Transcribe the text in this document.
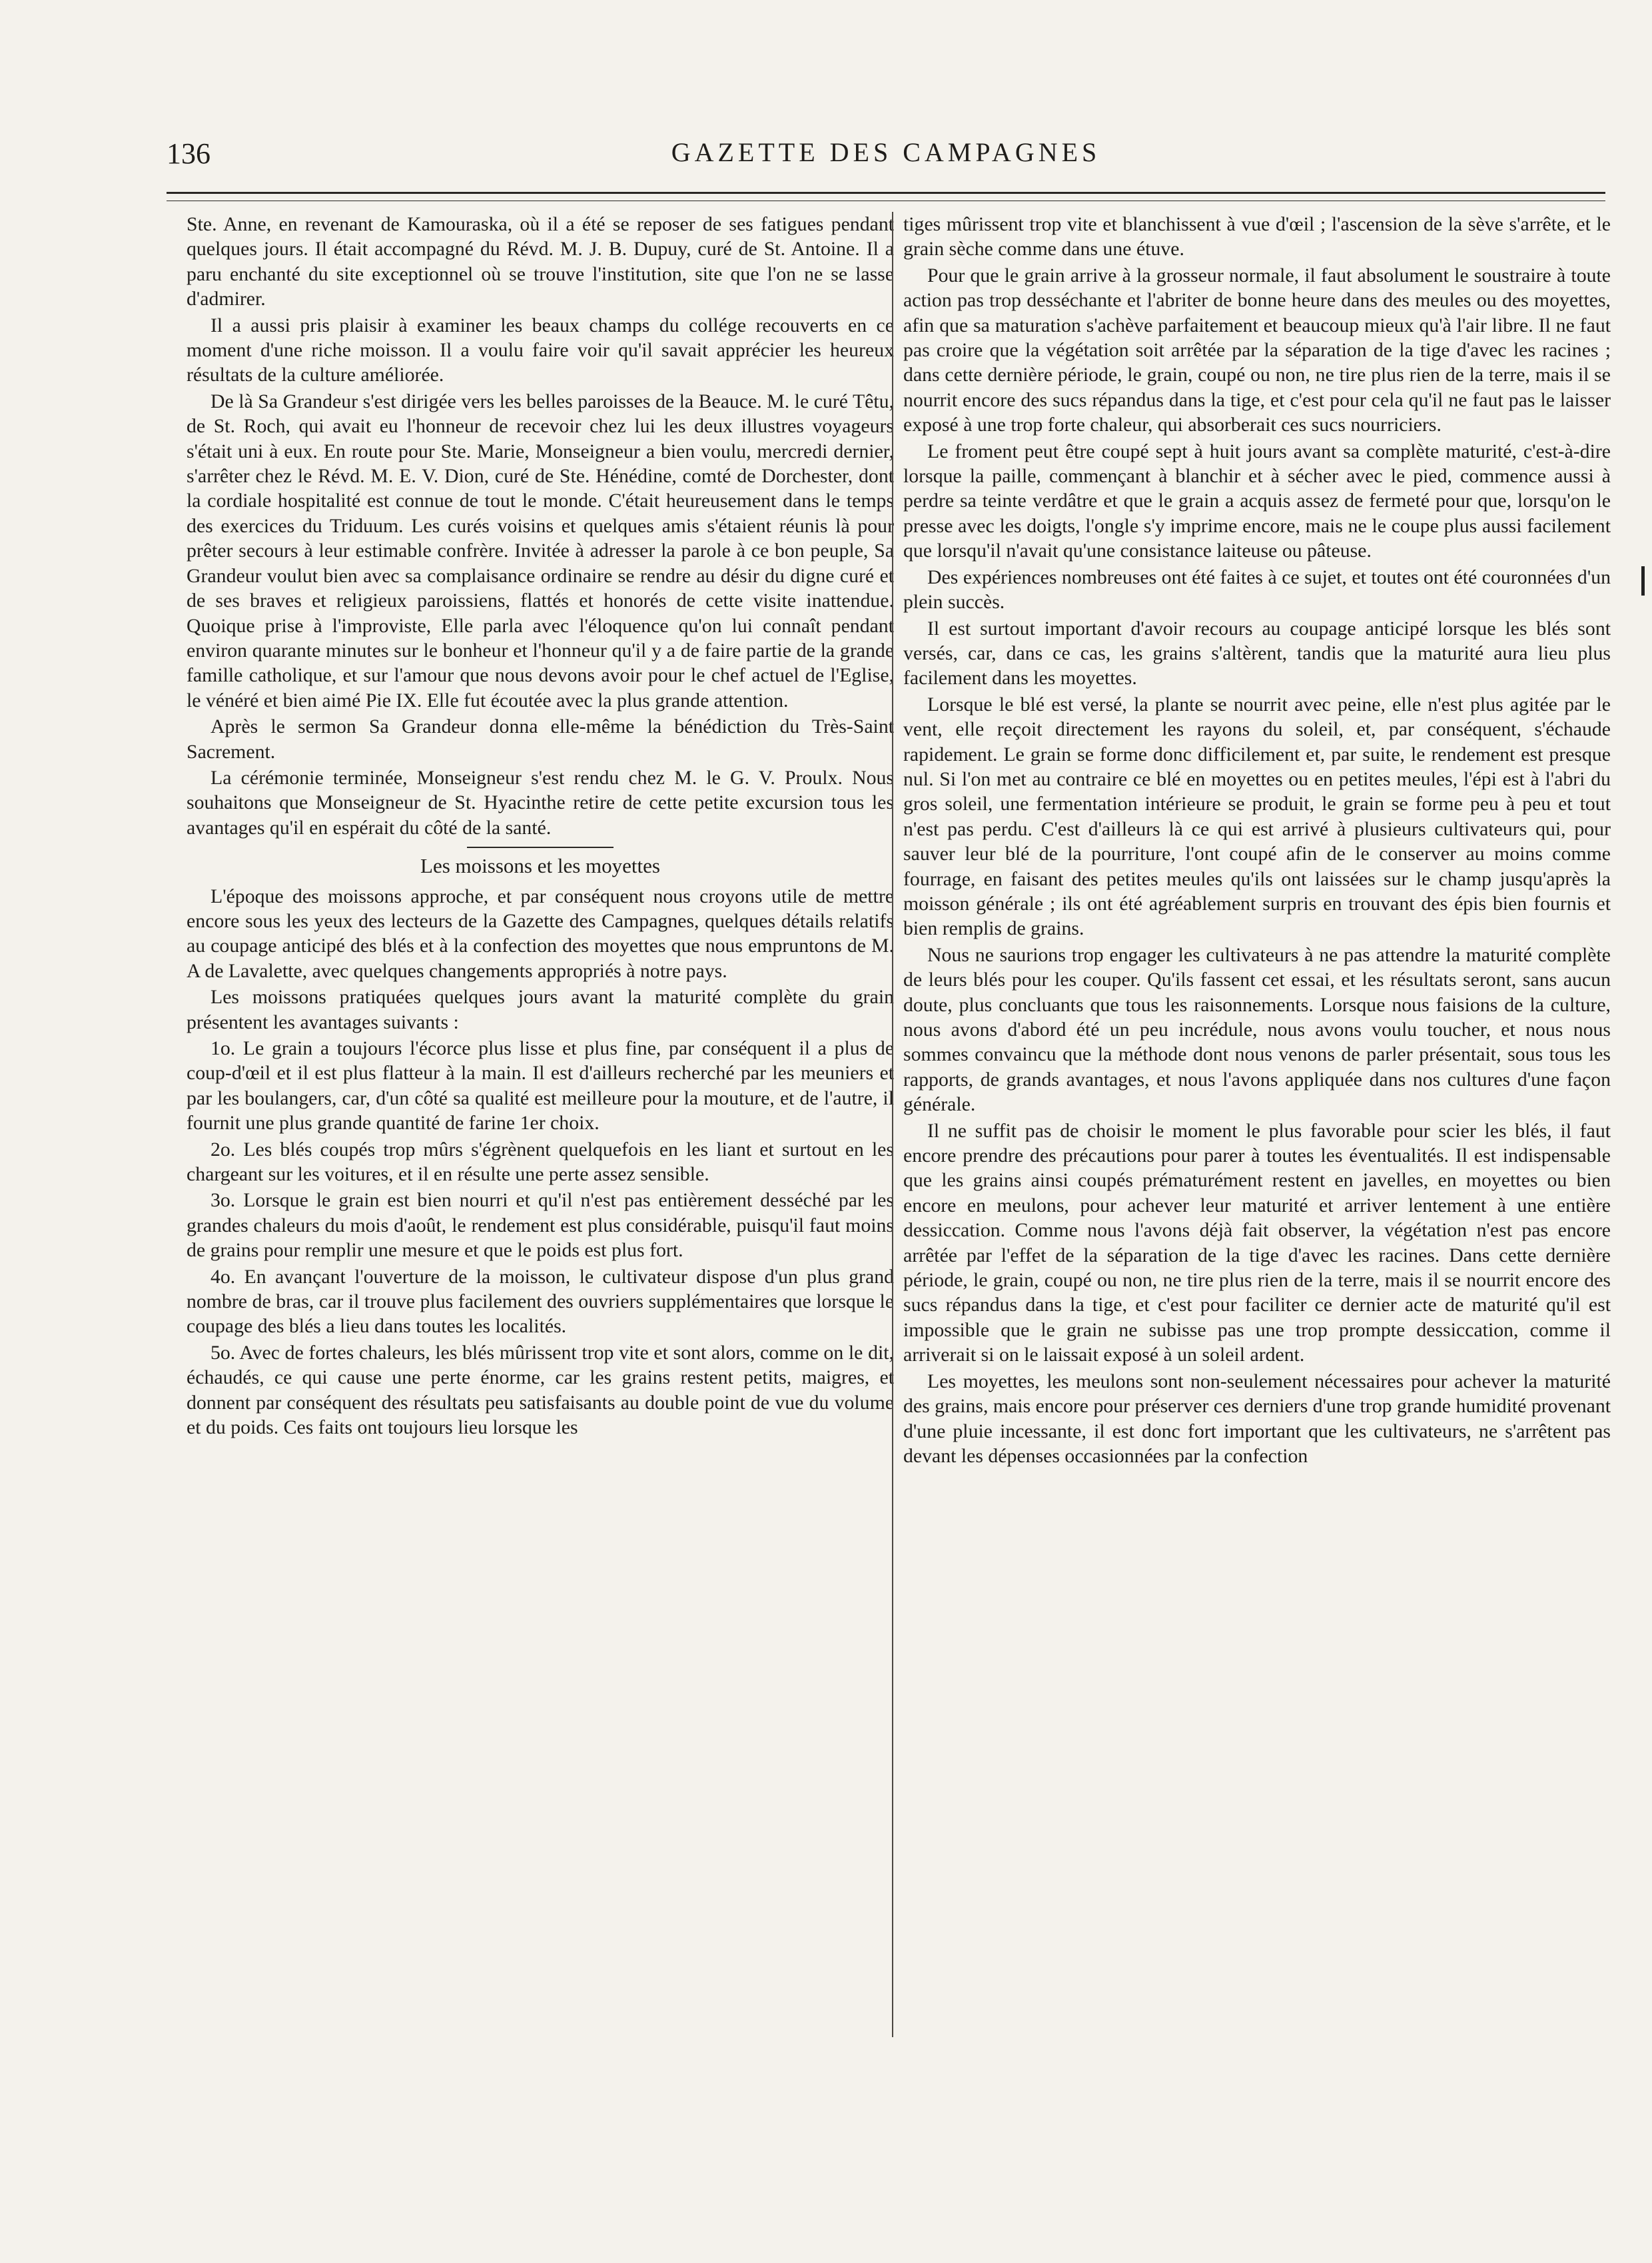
136	GAZETTE DES CAMPAGNES

Ste. Anne, en revenant de Kamouraska, où il a été se reposer de ses fatigues pendant quelques jours. Il était accompagné du Révd. M. J. B. Dupuy, curé de St. Antoine. Il a paru enchanté du site exceptionnel où se trouve l'institution, site que l'on ne se lasse d'admirer.

Il a aussi pris plaisir à examiner les beaux champs du collége recouverts en ce moment d'une riche moisson. Il a voulu faire voir qu'il savait apprécier les heureux résultats de la culture améliorée.

De là Sa Grandeur s'est dirigée vers les belles paroisses de la Beauce. M. le curé Têtu, de St. Roch, qui avait eu l'honneur de recevoir chez lui les deux illustres voyageurs s'était uni à eux. En route pour Ste. Marie, Monseigneur a bien voulu, mercredi dernier, s'arrêter chez le Révd. M. E. V. Dion, curé de Ste. Hénédine, comté de Dorchester, dont la cordiale hospitalité est connue de tout le monde. C'était heureusement dans le temps des exercices du Triduum. Les curés voisins et quelques amis s'étaient réunis là pour prêter secours à leur estimable confrère. Invitée à adresser la parole à ce bon peuple, Sa Grandeur voulut bien avec sa complaisance ordinaire se rendre au désir du digne curé et de ses braves et religieux paroissiens, flattés et honorés de cette visite inattendue. Quoique prise à l'improviste, Elle parla avec l'éloquence qu'on lui connaît pendant environ quarante minutes sur le bonheur et l'honneur qu'il y a de faire partie de la grande famille catholique, et sur l'amour que nous devons avoir pour le chef actuel de l'Eglise, le vénéré et bien aimé Pie IX. Elle fut écoutée avec la plus grande attention.

Après le sermon Sa Grandeur donna elle-même la bénédiction du Très-Saint Sacrement.

La cérémonie terminée, Monseigneur s'est rendu chez M. le G. V. Proulx. Nous souhaitons que Monseigneur de St. Hyacinthe retire de cette petite excursion tous les avantages qu'il en espérait du côté de la santé.

Les moissons et les moyettes

L'époque des moissons approche, et par conséquent nous croyons utile de mettre encore sous les yeux des lecteurs de la Gazette des Campagnes, quelques détails relatifs au coupage anticipé des blés et à la confection des moyettes que nous empruntons de M. A de Lavalette, avec quelques changements appropriés à notre pays.

Les moissons pratiquées quelques jours avant la maturité complète du grain présentent les avantages suivants :

1o. Le grain a toujours l'écorce plus lisse et plus fine, par conséquent il a plus de coup-d'œil et il est plus flatteur à la main. Il est d'ailleurs recherché par les meuniers et par les boulangers, car, d'un côté sa qualité est meilleure pour la mouture, et de l'autre, il fournit une plus grande quantité de farine 1er choix.

2o. Les blés coupés trop mûrs s'égrènent quelquefois en les liant et surtout en les chargeant sur les voitures, et il en résulte une perte assez sensible.

3o. Lorsque le grain est bien nourri et qu'il n'est pas entièrement desséché par les grandes chaleurs du mois d'août, le rendement est plus considérable, puisqu'il faut moins de grains pour remplir une mesure et que le poids est plus fort.

4o. En avançant l'ouverture de la moisson, le cultivateur dispose d'un plus grand nombre de bras, car il trouve plus facilement des ouvriers supplémentaires que lorsque le coupage des blés a lieu dans toutes les localités.

5o. Avec de fortes chaleurs, les blés mûrissent trop vite et sont alors, comme on le dit, échaudés, ce qui cause une perte énorme, car les grains restent petits, maigres, et donnent par conséquent des résultats peu satisfaisants au double point de vue du volume et du poids. Ces faits ont toujours lieu lorsque les

tiges mûrissent trop vite et blanchissent à vue d'œil ; l'ascension de la sève s'arrête, et le grain sèche comme dans une étuve.

Pour que le grain arrive à la grosseur normale, il faut absolument le soustraire à toute action pas trop desséchante et l'abriter de bonne heure dans des meules ou des moyettes, afin que sa maturation s'achève parfaitement et beaucoup mieux qu'à l'air libre. Il ne faut pas croire que la végétation soit arrêtée par la séparation de la tige d'avec les racines ; dans cette dernière période, le grain, coupé ou non, ne tire plus rien de la terre, mais il se nourrit encore des sucs répandus dans la tige, et c'est pour cela qu'il ne faut pas le laisser exposé à une trop forte chaleur, qui absorberait ces sucs nourriciers.

Le froment peut être coupé sept à huit jours avant sa complète maturité, c'est-à-dire lorsque la paille, commençant à blanchir et à sécher avec le pied, commence aussi à perdre sa teinte verdâtre et que le grain a acquis assez de fermeté pour que, lorsqu'on le presse avec les doigts, l'ongle s'y imprime encore, mais ne le coupe plus aussi facilement que lorsqu'il n'avait qu'une consistance laiteuse ou pâteuse.

Des expériences nombreuses ont été faites à ce sujet, et toutes ont été couronnées d'un plein succès.

Il est surtout important d'avoir recours au coupage anticipé lorsque les blés sont versés, car, dans ce cas, les grains s'altèrent, tandis que la maturité aura lieu plus facilement dans les moyettes.

Lorsque le blé est versé, la plante se nourrit avec peine, elle n'est plus agitée par le vent, elle reçoit directement les rayons du soleil, et, par conséquent, s'échaude rapidement. Le grain se forme donc difficilement et, par suite, le rendement est presque nul. Si l'on met au contraire ce blé en moyettes ou en petites meules, l'épi est à l'abri du gros soleil, une fermentation intérieure se produit, le grain se forme peu à peu et tout n'est pas perdu. C'est d'ailleurs là ce qui est arrivé à plusieurs cultivateurs qui, pour sauver leur blé de la pourriture, l'ont coupé afin de le conserver au moins comme fourrage, en faisant des petites meules qu'ils ont laissées sur le champ jusqu'après la moisson générale ; ils ont été agréablement surpris en trouvant des épis bien fournis et bien remplis de grains.

Nous ne saurions trop engager les cultivateurs à ne pas attendre la maturité complète de leurs blés pour les couper. Qu'ils fassent cet essai, et les résultats seront, sans aucun doute, plus concluants que tous les raisonnements. Lorsque nous faisions de la culture, nous avons d'abord été un peu incrédule, nous avons voulu toucher, et nous nous sommes convaincu que la méthode dont nous venons de parler présentait, sous tous les rapports, de grands avantages, et nous l'avons appliquée dans nos cultures d'une façon générale.

Il ne suffit pas de choisir le moment le plus favorable pour scier les blés, il faut encore prendre des précautions pour parer à toutes les éventualités. Il est indispensable que les grains ainsi coupés prématurément restent en javelles, en moyettes ou bien encore en meulons, pour achever leur maturité et arriver lentement à une entière dessiccation. Comme nous l'avons déjà fait observer, la végétation n'est pas encore arrêtée par l'effet de la séparation de la tige d'avec les racines. Dans cette dernière période, le grain, coupé ou non, ne tire plus rien de la terre, mais il se nourrit encore des sucs répandus dans la tige, et c'est pour faciliter ce dernier acte de maturité qu'il est impossible que le grain ne subisse pas une trop prompte dessiccation, comme il arriverait si on le laissait exposé à un soleil ardent.

Les moyettes, les meulons sont non-seulement nécessaires pour achever la maturité des grains, mais encore pour préserver ces derniers d'une trop grande humidité provenant d'une pluie incessante, il est donc fort important que les cultivateurs, ne s'arrêtent pas devant les dépenses occasionnées par la confection
